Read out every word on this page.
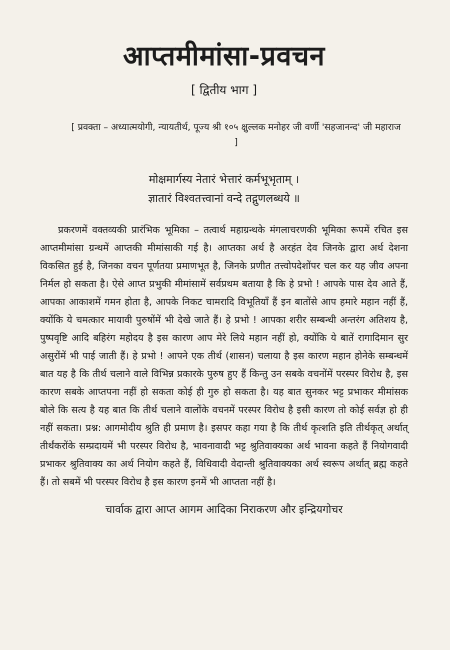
आप्तमीमांसा-प्रवचन
[ द्वितीय भाग ]
[ प्रवक्ता – अध्यात्मयोगी, न्यायतीर्थ, पूज्य श्री १०५ क्षुल्लक मनोहर जी वर्णी 'सहजानन्द' जी महाराज ]
मोक्षमार्गस्य नेतारं भेत्तारं कर्मभूभृताम् ।
ज्ञातारं विश्वतत्त्वानां वन्दे तद्गुणलब्धये ॥

प्रकरणमें वक्तव्यकी प्रारंभिक भूमिका – तत्वार्थ महाग्रन्थके मंगलाचरणकी भूमिका रूपमें रचित इस आप्तमीमांसा ग्रन्थमें आप्तकी मीमांसाकी गई है। आप्तका अर्थ है अरहंत देव जिनके द्वारा अर्थ देशना विकसित हुई है, जिनका वचन पूर्णतया प्रमाणभूत है, जिनके प्रणीत तत्त्वोपदेशोंपर चल कर यह जीव अपना निर्मल हो सकता है। ऐसे आप्त प्रभुकी मीमांसामें सर्वप्रथम बताया है कि हे प्रभो ! आपके पास देव आते हैं, आपका आकाशमें गमन होता है, आपके निकट चामरादि विभूतियाँ हैं इन बातोंसे आप हमारे महान नहीं हैं, क्योंकि ये चमत्कार मायावी पुरुषोंमें भी देखे जाते हैं। हे प्रभो ! आपका शरीर सम्बन्धी अन्तरंग अतिशय है, पुष्पवृष्टि आदि बहिरंग महोदय है इस कारण आप मेरे लिये महान नहीं हो, क्योंकि ये बातें रागादिमान सुर असुरोंमें भी पाई जाती हैं। हे प्रभो ! आपने एक तीर्थ (शासन) चलाया है इस कारण महान होनेके सम्बन्धमें बात यह है कि तीर्थ चलाने वाले विभिन्न प्रकारके पुरुष हुए हैं किन्तु उन सबके वचनोंमें परस्पर विरोध है, इस कारण सबके आप्तपना नहीं हो सकता कोई ही गुरु हो सकता है। यह बात सुनकर भट्ट प्रभाकर मीमांसक बोले कि सत्य है यह बात कि तीर्थ चलाने वालोंके वचनमें परस्पर विरोध है इसी कारण तो कोई सर्वज्ञ हो ही नहीं सकता। प्रश्न: आगमोदीय श्रुति ही प्रमाण है। इसपर कहा गया है कि तीर्थ कृत्शति इति तीर्थकृत् अर्थात् तीर्थंकरोंके सम्प्रदायमें भी परस्पर विरोध है, भावनावादी भट्ट श्रुतिवाक्यका अर्थ भावना कहते हैं नियोगवादी प्रभाकर श्रुतिवाक्य का अर्थ नियोग कहते हैं, विधिवादी वेदान्ती श्रुतिवाक्यका अर्थ स्वरूप अर्थात् ब्रह्म कहते हैं। तो सबमें भी परस्पर विरोध है इस कारण इनमें भी आप्तता नहीं है।

चार्वाक द्वारा आप्त आगम आदिका निराकरण और इन्द्रियगोचर
